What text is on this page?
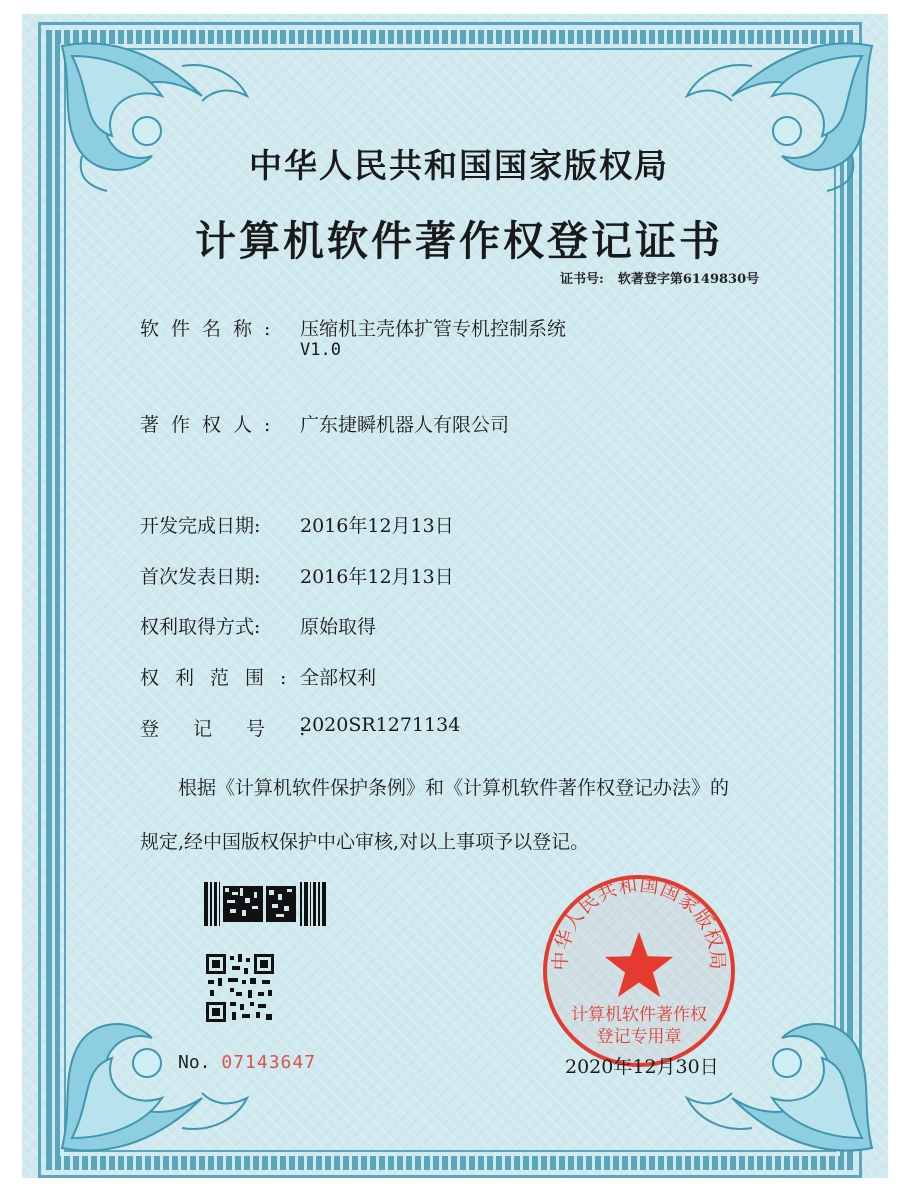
中华人民共和国国家版权局
计算机软件著作权登记证书
证书号: 软著登字第6149830号
软件名称: 压缩机主壳体扩管专机控制系统
V1.0
著作权人: 广东捷瞬机器人有限公司
开发完成日期: 2016年12月13日
首次发表日期: 2016年12月13日
权利取得方式: 原始取得
权利范围:
全部权利
登记号:
2020SR1271134
根据《计算机软件保护条例》和《计算机软件著作权登记办法》的
规定,经中国版权保护中心审核,对以上事项予以登记。
No. 07143647
中华人民共和国国家版权局
计算机软件著作权
登记专用章
2020年12月30日
